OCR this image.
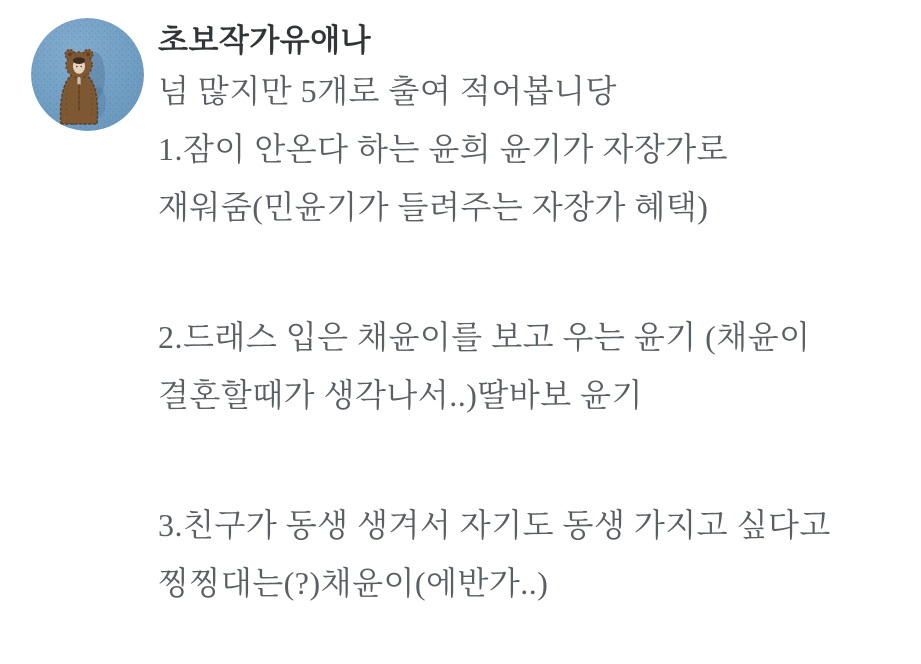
초보작가유애나
넘 많지만 5개로 출여 적어봅니당
1.잠이 안온다 하는 윤희 윤기가 자장가로
재워줌(민윤기가 들려주는 자장가 혜택)
2.드래스 입은 채윤이를 보고 우는 윤기 (채윤이
결혼할때가 생각나서..)딸바보 윤기
3.친구가 동생 생겨서 자기도 동생 가지고 싶다고
찡찡대는(?)채윤이(에반가..)
